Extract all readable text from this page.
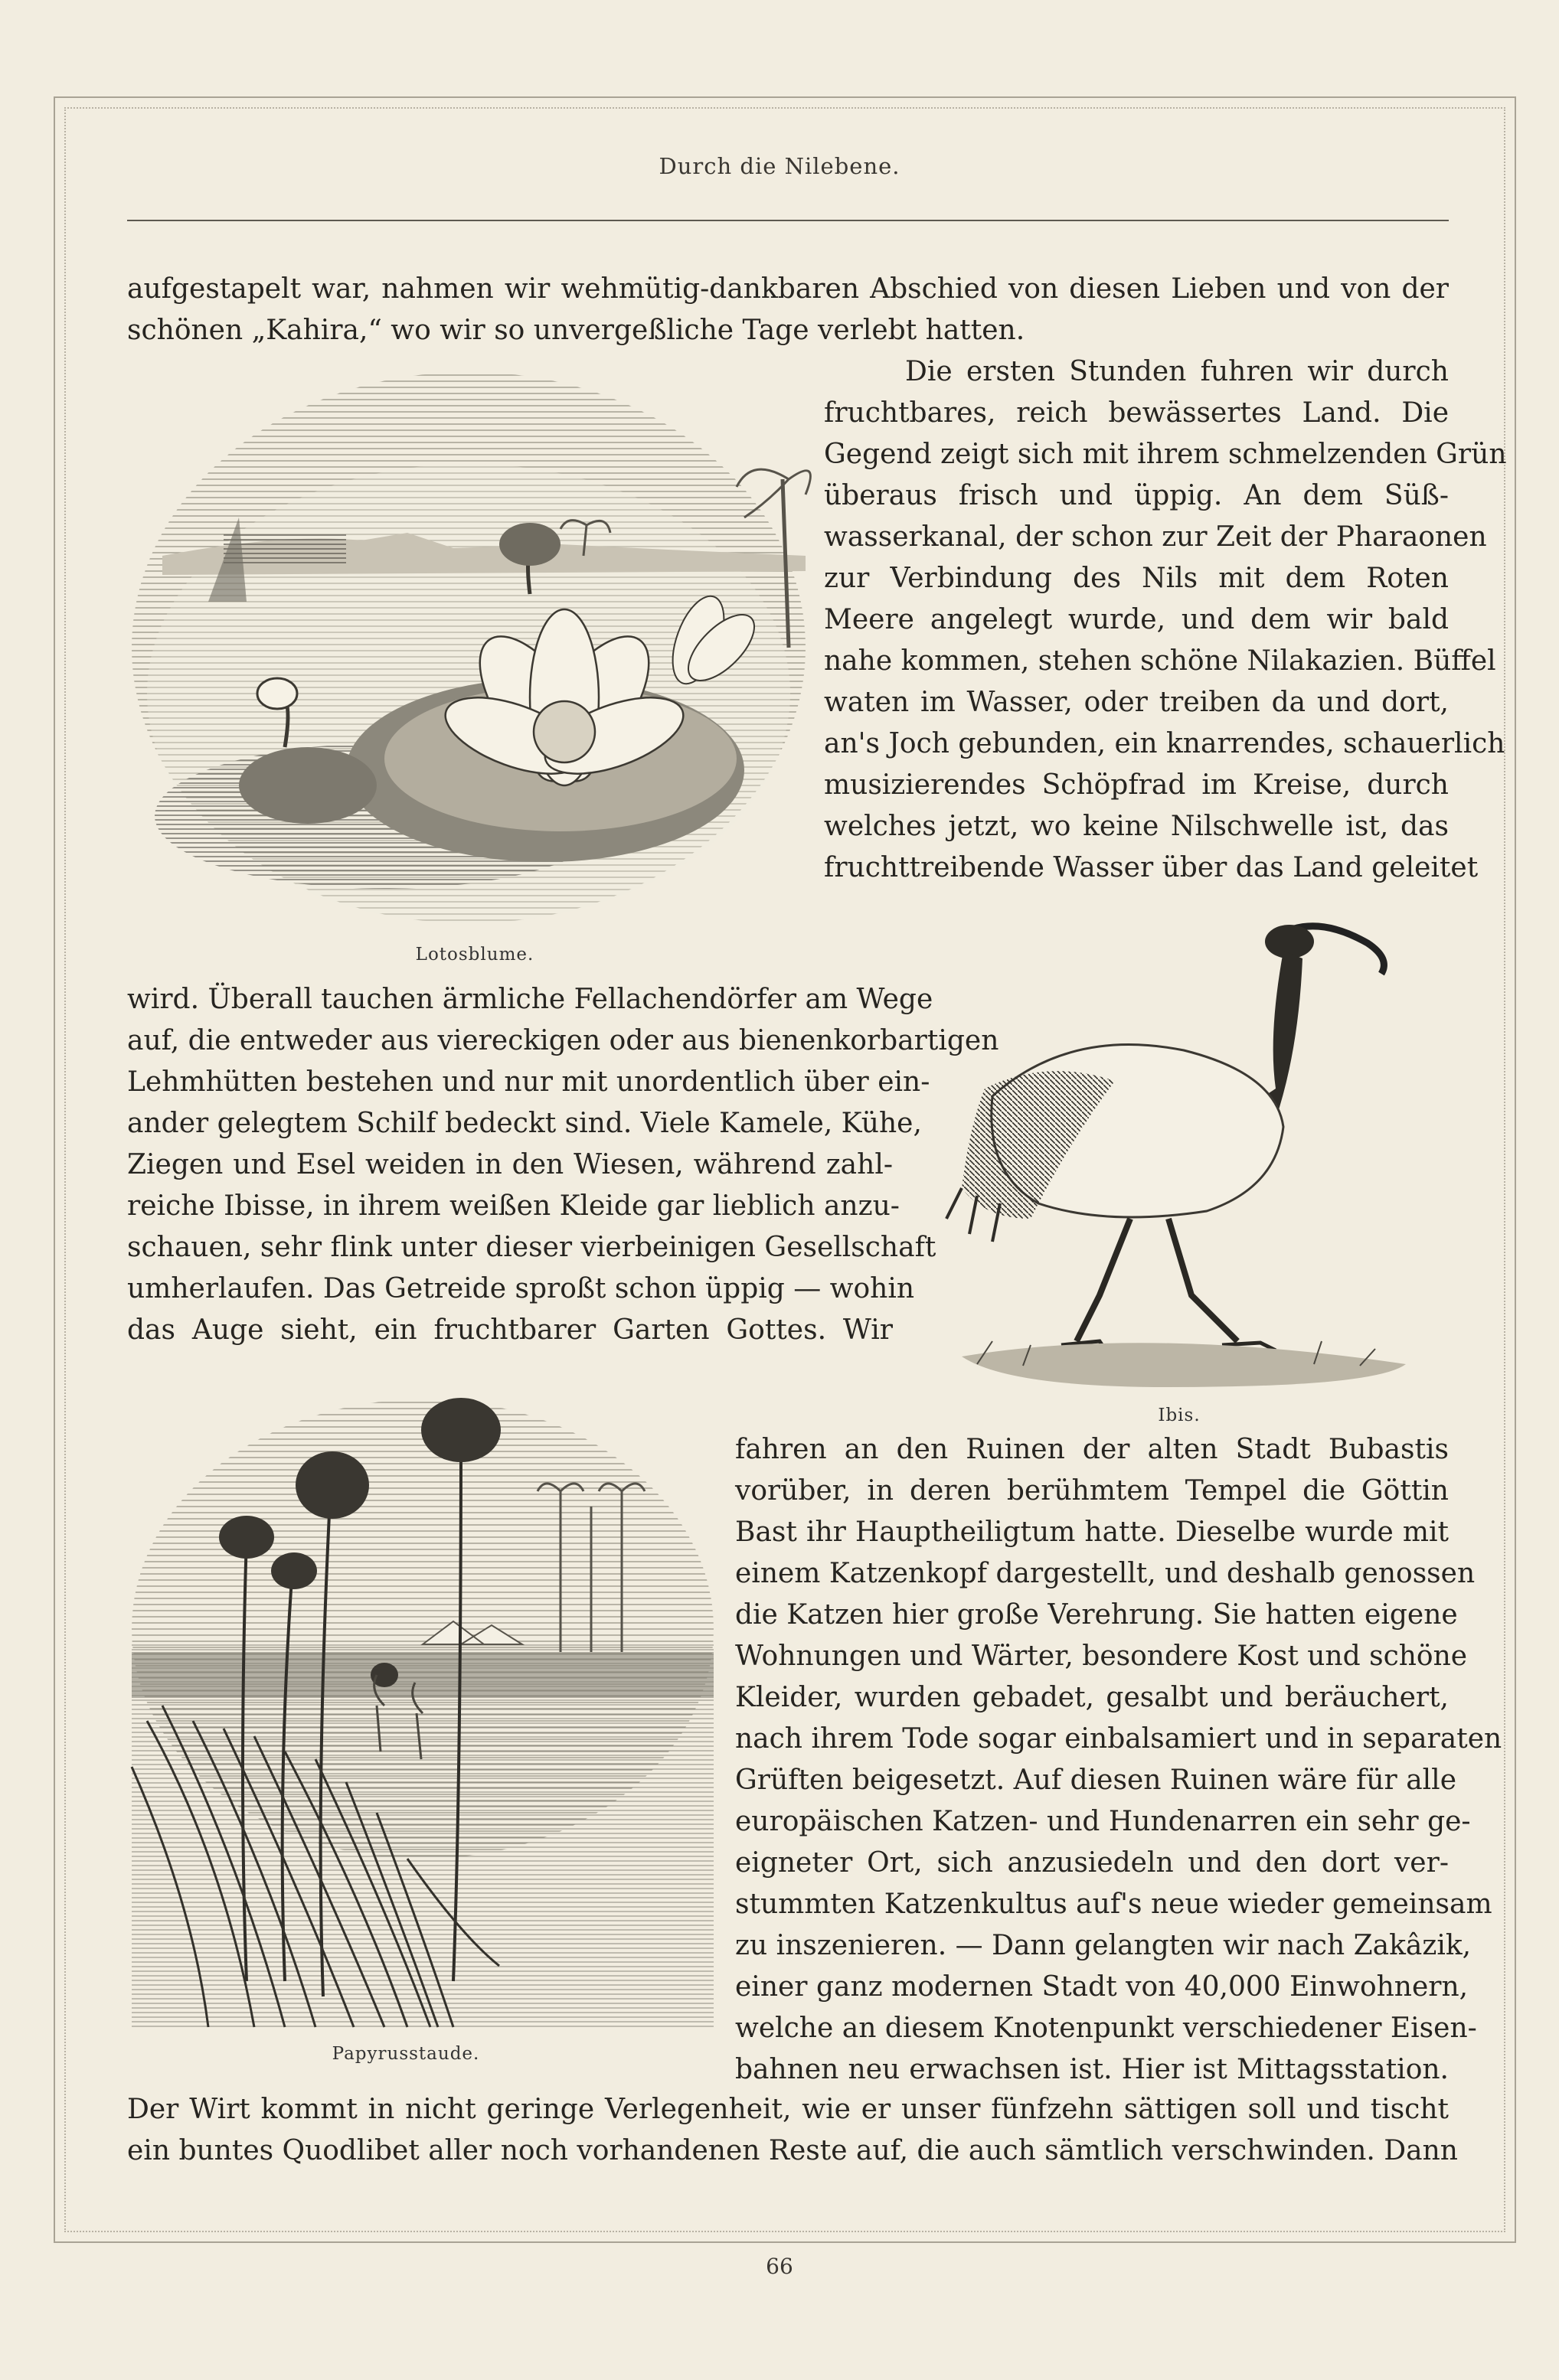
Durch die Nilebene.
Lotosblume.
Ibis.
Papyrusstaude.
aufgestapelt war, nahmen wir wehmütig-dankbaren Abschied von diesen Lieben und von der
schönen „Kahira,“ wo wir so unvergeßliche Tage verlebt hatten.
Die ersten Stunden fuhren wir durch
fruchtbares, reich bewässertes Land. Die
Gegend zeigt sich mit ihrem schmelzenden Grün
überaus frisch und üppig. An dem Süß-
wasserkanal, der schon zur Zeit der Pharaonen
zur Verbindung des Nils mit dem Roten
Meere angelegt wurde, und dem wir bald
nahe kommen, stehen schöne Nilakazien. Büffel
waten im Wasser, oder treiben da und dort,
an's Joch gebunden, ein knarrendes, schauerlich
musizierendes Schöpfrad im Kreise, durch
welches jetzt, wo keine Nilschwelle ist, das
fruchttreibende Wasser über das Land geleitet
wird. Überall tauchen ärmliche Fellachendörfer am Wege
auf, die entweder aus viereckigen oder aus bienenkorbartigen
Lehmhütten bestehen und nur mit unordentlich über ein-
ander gelegtem Schilf bedeckt sind. Viele Kamele, Kühe,
Ziegen und Esel weiden in den Wiesen, während zahl-
reiche Ibisse, in ihrem weißen Kleide gar lieblich anzu-
schauen, sehr flink unter dieser vierbeinigen Gesellschaft
umherlaufen. Das Getreide sproßt schon üppig — wohin
das Auge sieht, ein fruchtbarer Garten Gottes. Wir
fahren an den Ruinen der alten Stadt Bubastis
vorüber, in deren berühmtem Tempel die Göttin
Bast ihr Hauptheiligtum hatte. Dieselbe wurde mit
einem Katzenkopf dargestellt, und deshalb genossen
die Katzen hier große Verehrung. Sie hatten eigene
Wohnungen und Wärter, besondere Kost und schöne
Kleider, wurden gebadet, gesalbt und beräuchert,
nach ihrem Tode sogar einbalsamiert und in separaten
Grüften beigesetzt. Auf diesen Ruinen wäre für alle
europäischen Katzen- und Hundenarren ein sehr ge-
eigneter Ort, sich anzusiedeln und den dort ver-
stummten Katzenkultus auf's neue wieder gemeinsam
zu inszenieren. — Dann gelangten wir nach Zakâzik,
einer ganz modernen Stadt von 40,000 Einwohnern,
welche an diesem Knotenpunkt verschiedener Eisen-
bahnen neu erwachsen ist. Hier ist Mittagsstation.
Der Wirt kommt in nicht geringe Verlegenheit, wie er unser fünfzehn sättigen soll und tischt
ein buntes Quodlibet aller noch vorhandenen Reste auf, die auch sämtlich verschwinden. Dann
66
